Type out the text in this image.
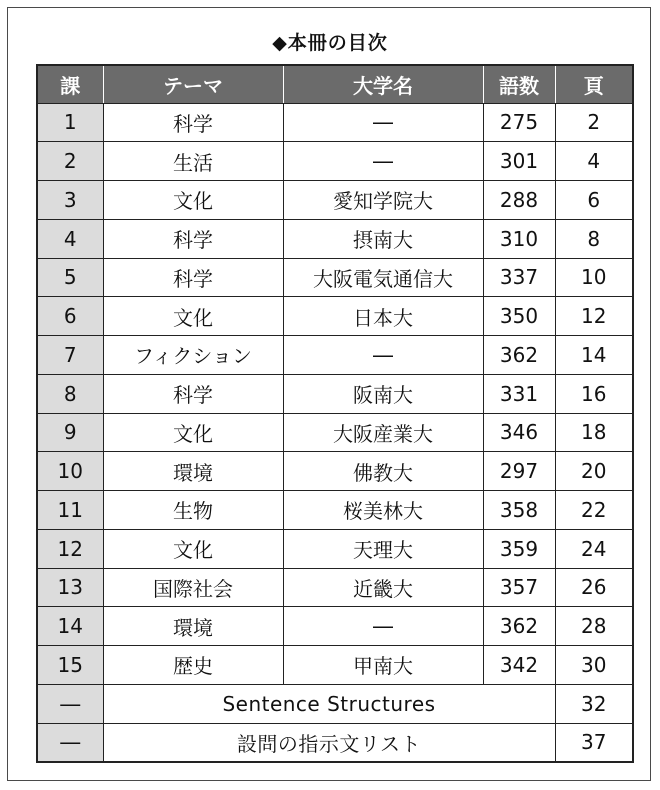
◆本冊の目次
課	テーマ	大学名	語数	頁
1	科学	―	275	2
2	生活	―	301	4
3	文化	愛知学院大	288	6
4	科学	摂南大	310	8
5	科学	大阪電気通信大	337	10
6	文化	日本大	350	12
7	フィクション	―	362	14
8	科学	阪南大	331	16
9	文化	大阪産業大	346	18
10	環境	佛教大	297	20
11	生物	桜美林大	358	22
12	文化	天理大	359	24
13	国際社会	近畿大	357	26
14	環境	―	362	28
15	歴史	甲南大	342	30
―	Sentence Structures			32
―	設問の指示文リスト			37
